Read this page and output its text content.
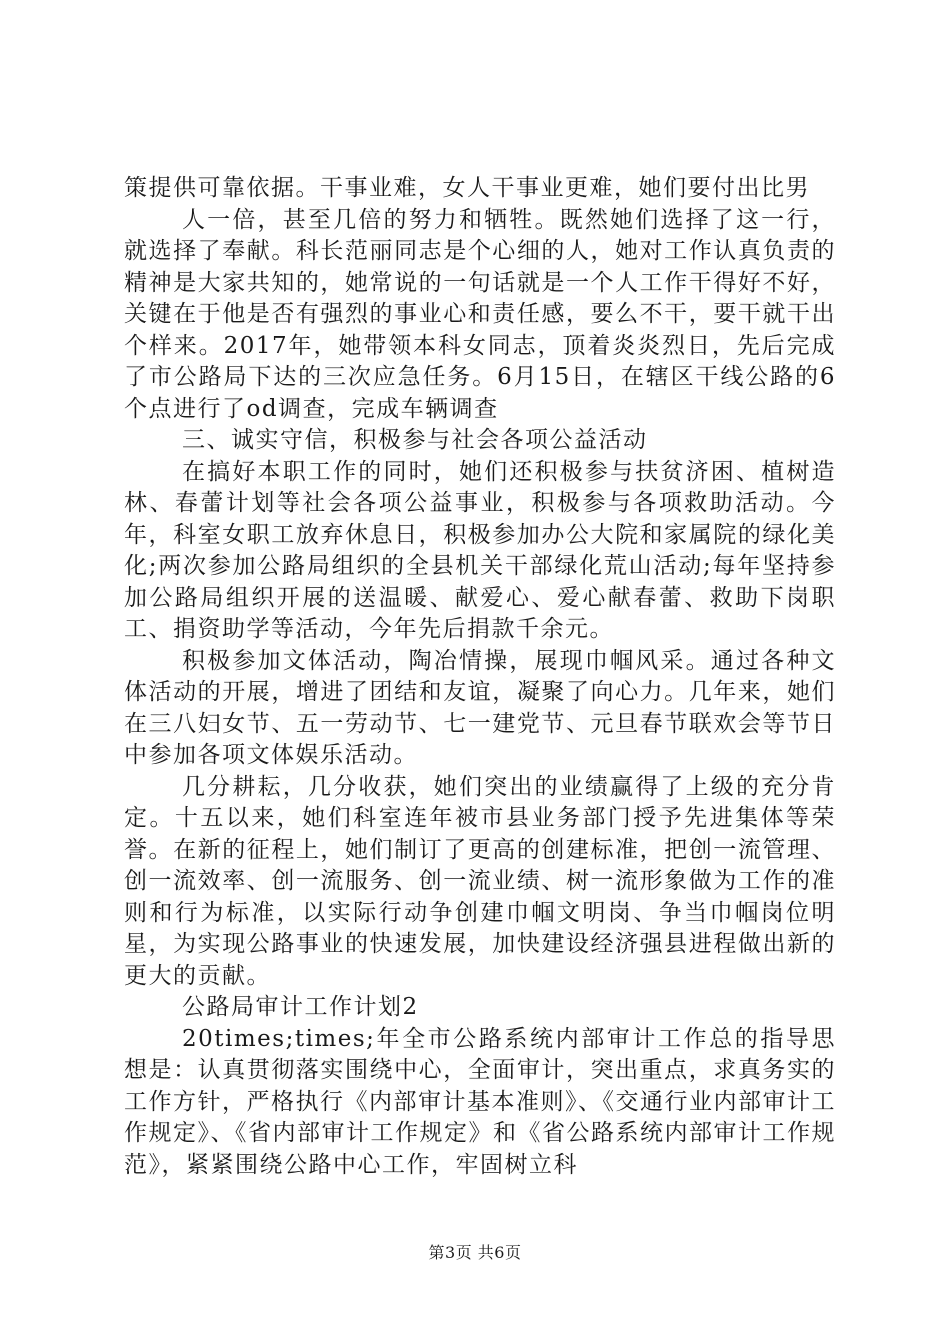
策提供可靠依据。干事业难，女人干事业更难，她们要付出比男

人一倍，甚至几倍的努力和牺牲。既然她们选择了这一行，就选择了奉献。科长范丽同志是个心细的人，她对工作认真负责的精神是大家共知的，她常说的一句话就是一个人工作干得好不好，关键在于他是否有强烈的事业心和责任感，要么不干，要干就干出个样来。2017年，她带领本科女同志，顶着炎炎烈日，先后完成了市公路局下达的三次应急任务。6月15日，在辖区干线公路的6个点进行了od调查，完成车辆调查

三、诚实守信，积极参与社会各项公益活动

在搞好本职工作的同时，她们还积极参与扶贫济困、植树造林、春蕾计划等社会各项公益事业，积极参与各项救助活动。今年，科室女职工放弃休息日，积极参加办公大院和家属院的绿化美化;两次参加公路局组织的全县机关干部绿化荒山活动;每年坚持参加公路局组织开展的送温暖、献爱心、爱心献春蕾、救助下岗职工、捐资助学等活动，今年先后捐款千余元。

积极参加文体活动，陶冶情操，展现巾帼风采。通过各种文体活动的开展，增进了团结和友谊，凝聚了向心力。几年来，她们在三八妇女节、五一劳动节、七一建党节、元旦春节联欢会等节日中参加各项文体娱乐活动。

几分耕耘，几分收获，她们突出的业绩赢得了上级的充分肯定。十五以来，她们科室连年被市县业务部门授予先进集体等荣誉。在新的征程上，她们制订了更高的创建标准，把创一流管理、创一流效率、创一流服务、创一流业绩、树一流形象做为工作的准则和行为标准，以实际行动争创建巾帼文明岗、争当巾帼岗位明星，为实现公路事业的快速发展，加快建设经济强县进程做出新的更大的贡献。

公路局审计工作计划2

20times;times;年全市公路系统内部审计工作总的指导思想是：认真贯彻落实围绕中心，全面审计，突出重点，求真务实的工作方针，严格执行《内部审计基本准则》、《交通行业内部审计工作规定》、《省内部审计工作规定》和《省公路系统内部审计工作规范》，紧紧围绕公路中心工作，牢固树立科

第3页 共6页
